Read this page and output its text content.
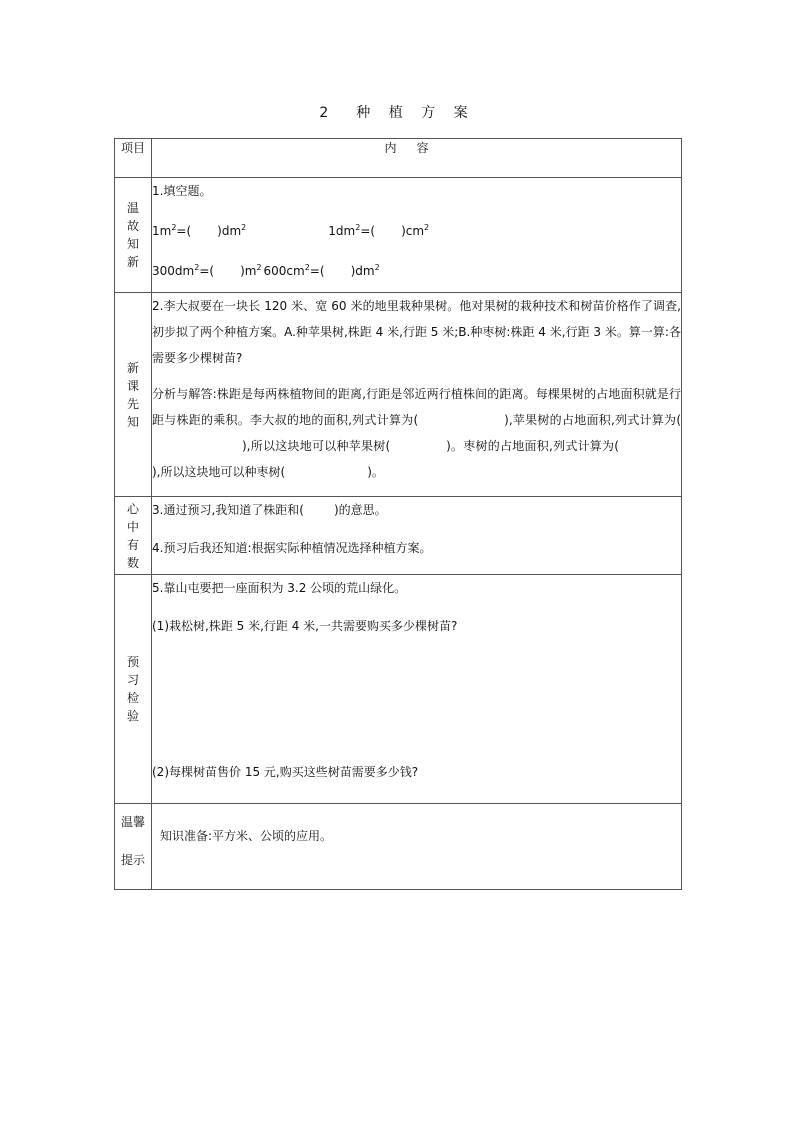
2　种 植 方 案
项目	内容
温故知新	1.填空题。

$1m^2=$( )$dm^2$ $1dm^2=$( )$cm^2$

$300dm^2=$( )$m^2$ $600cm^2=$( )$dm^2$

新课先知	2.李大叔要在一块长 120 米、宽 60 米的地里栽种果树。他对果树的栽种技术和树苗价格作了调查,初步拟了两个种植方案。A.种苹果树,株距 4 米,行距 5 米;B.种枣树:株距 4 米,行距 3 米。算一算:各需要多少棵树苗?

分析与解答:株距是每两株植物间的距离,行距是邻近两行植株间的距离。每棵果树的占地面积就是行距与株距的乘积。李大叔的地的面积,列式计算为( ),苹果树的占地面积,列式计算为(),所以这块地可以种苹果树( )。枣树的占地面积,列式计算为(),所以这块地可以种枣树( )。

心中有数	3.通过预习,我知道了株距和( )的意思。

4.预习后我还知道:根据实际种植情况选择种植方案。

预习检验	5.靠山屯要把一座面积为 3.2 公顷的荒山绿化。

(1)栽松树,株距 5 米,行距 4 米,一共需要购买多少棵树苗?

(2)每棵树苗售价 15 元,购买这些树苗需要多少钱?

温馨
提示	知识准备:平方米、公顷的应用。
